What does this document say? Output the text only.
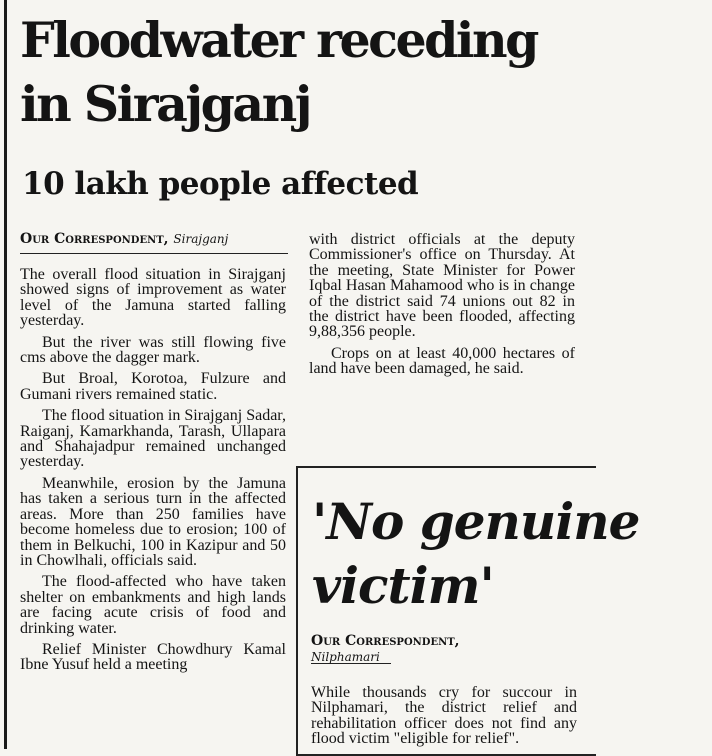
Floodwater receding in Sirajganj
10 lakh people affected
Our Correspondent, Sirajganj

The overall flood situation in Sirajganj showed signs of improvement as water level of the Jamuna started falling yesterday.

But the river was still flowing five cms above the dagger mark.

But Broal, Korotoa, Fulzure and Gumani rivers remained static.

The flood situation in Sirajganj Sadar, Raiganj, Kamarkhanda, Tarash, Ullapara and Shahajadpur remained unchanged yesterday.

Meanwhile, erosion by the Jamuna has taken a serious turn in the affected areas. More than 250 families have become homeless due to erosion; 100 of them in Belkuchi, 100 in Kazipur and 50 in Chowlhali, officials said.

The flood-affected who have taken shelter on embankments and high lands are facing acute crisis of food and drinking water.

Relief Minister Chowdhury Kamal Ibne Yusuf held a meeting

with district officials at the deputy Commissioner's office on Thursday. At the meeting, State Minister for Power Iqbal Hasan Mahamood who is in change of the district said 74 unions out 82 in the district have been flooded, affecting 9,88,356 people.

Crops on at least 40,000 hectares of land have been damaged, he said.

'No genuine victim'
Our Correspondent,
Nilphamari

While thousands cry for succour in Nilphamari, the district relief and rehabilitation officer does not find any flood victim "eligible for relief".
